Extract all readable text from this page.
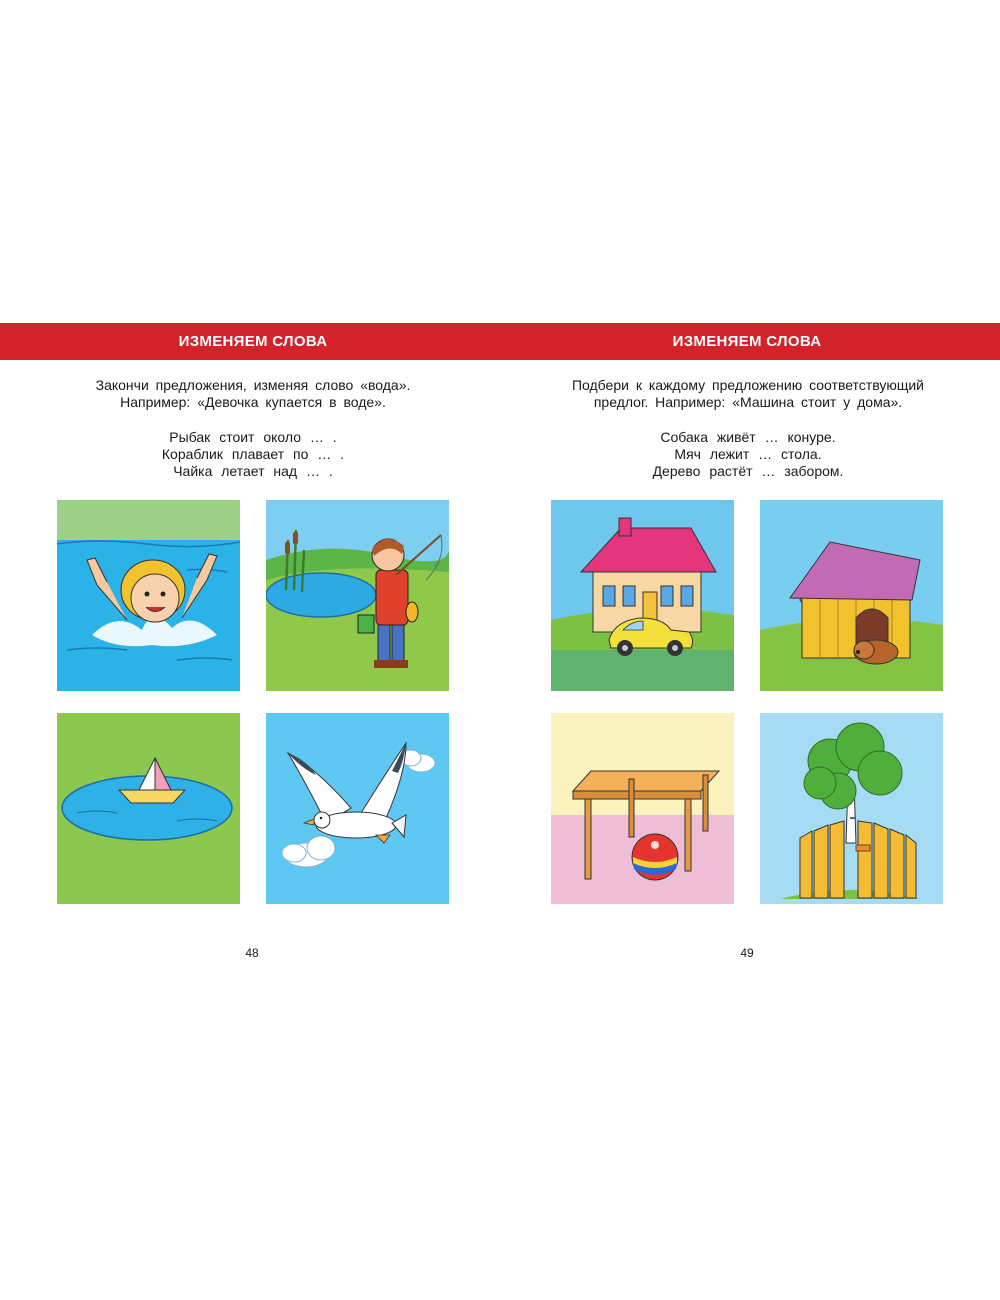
ИЗМЕНЯЕМ СЛОВА

Закончи предложения, изменяя слово «вода».

Например: «Девочка купается в воде».

Рыбак стоит около … .

Кораблик плавает по … .

Чайка летает над … .

48
ИЗМЕНЯЕМ СЛОВА

Подбери к каждому предложению соответствующий

предлог. Например: «Машина стоит у дома».

Собака живёт … конуре.

Мяч лежит … стола.

Дерево растёт … забором.

49
